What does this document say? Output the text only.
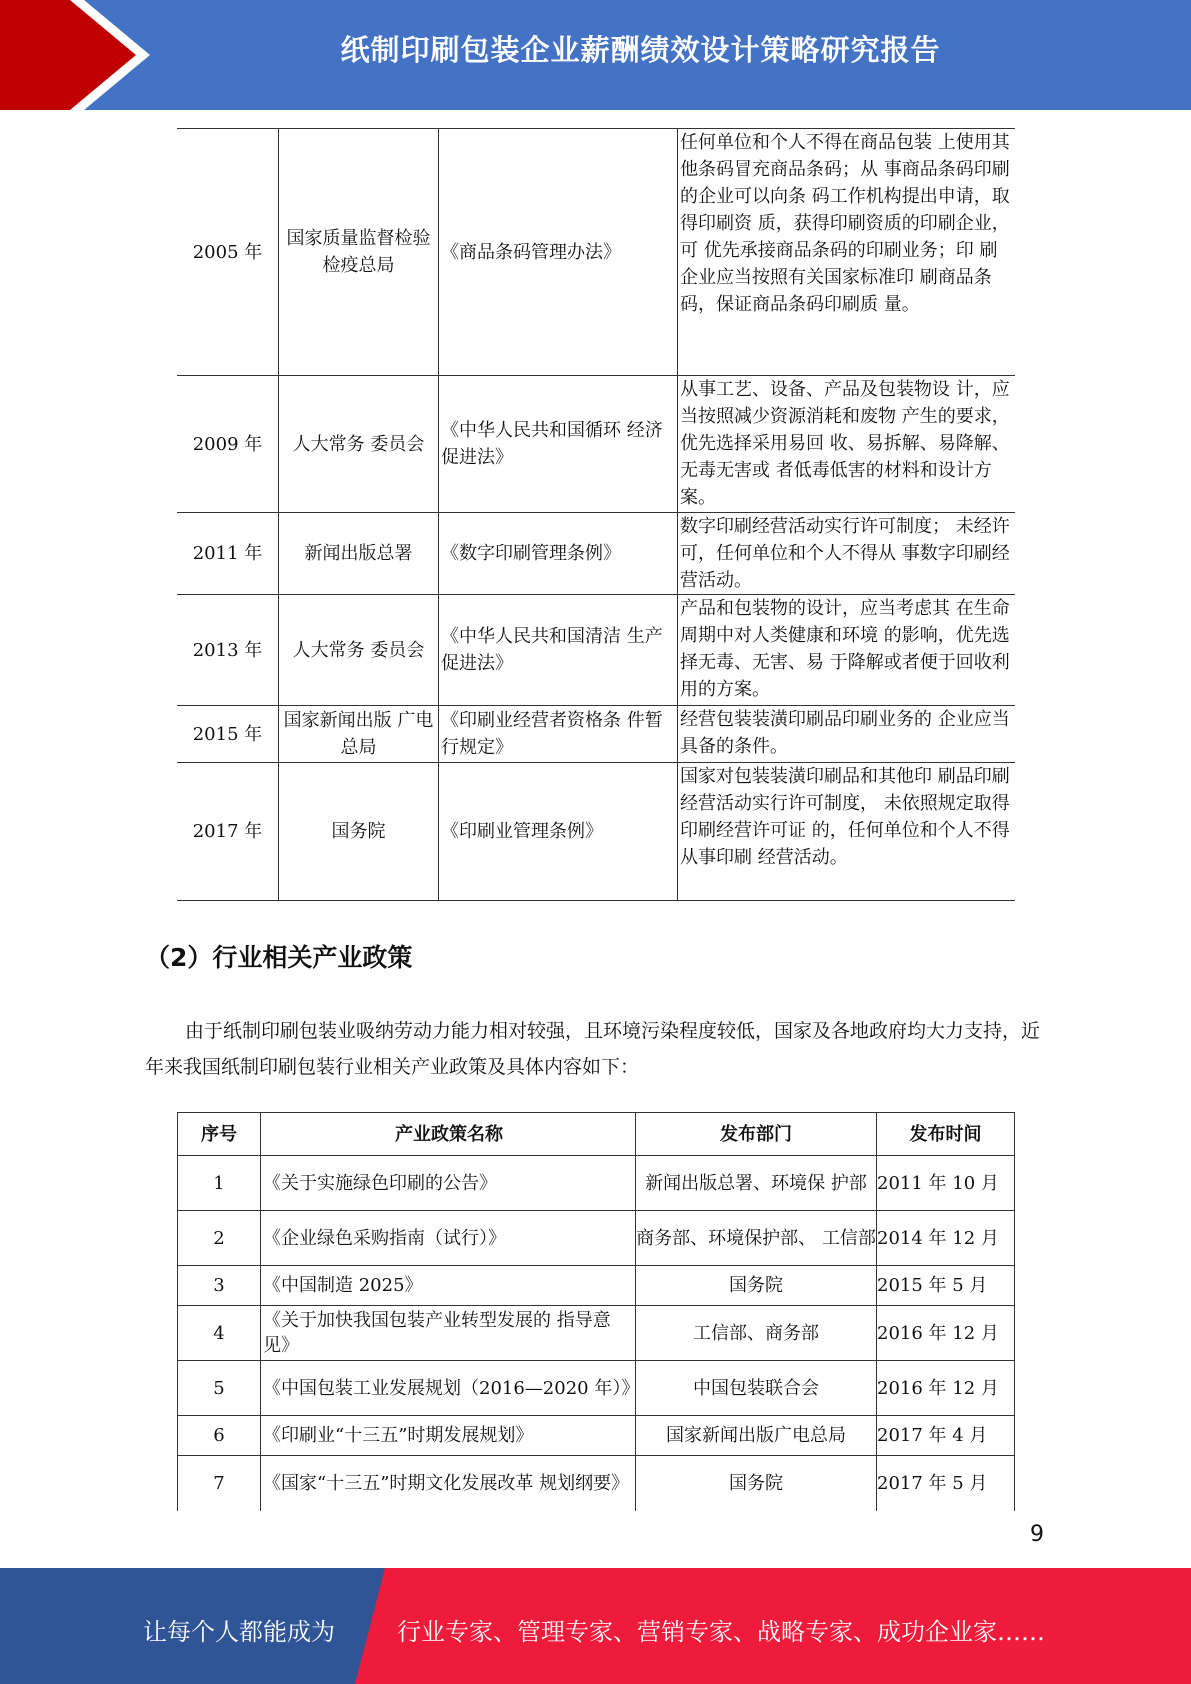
纸制印刷包装企业薪酬绩效设计策略研究报告
2005 年	国家质量监督检验检疫总局	《商品条码管理办法》	任何单位和个人不得在商品包装 上使用其他条码冒充商品条码；从 事商品条码印刷的企业可以向条 码工作机构提出申请，取得印刷资 质，获得印刷资质的印刷企业，可 优先承接商品条码的印刷业务；印 刷企业应当按照有关国家标准印 刷商品条码，保证商品条码印刷质 量。
2009 年	人大常务 委员会	《中华人民共和国循环 经济促进法》	从事工艺、设备、产品及包装物设 计，应当按照减少资源消耗和废物 产生的要求，优先选择采用易回 收、易拆解、易降解、无毒无害或 者低毒低害的材料和设计方案。
2011 年	新闻出版总署	《数字印刷管理条例》	数字印刷经营活动实行许可制度； 未经许可，任何单位和个人不得从 事数字印刷经营活动。
2013 年	人大常务 委员会	《中华人民共和国清洁 生产促进法》	产品和包装物的设计，应当考虑其 在生命周期中对人类健康和环境 的影响，优先选择无毒、无害、易 于降解或者便于回收利用的方案。
2015 年	国家新闻出版 广电总局	《印刷业经营者资格条 件暂行规定》	经营包装装潢印刷品印刷业务的 企业应当具备的条件。
2017 年	国务院	《印刷业管理条例》	国家对包装装潢印刷品和其他印 刷品印刷经营活动实行许可制度， 未依照规定取得印刷经营许可证 的，任何单位和个人不得从事印刷 经营活动。
（2）行业相关产业政策
由于纸制印刷包装业吸纳劳动力能力相对较强，且环境污染程度较低，国家及各地政府均大力支持，近年来我国纸制印刷包装行业相关产业政策及具体内容如下：
序号	产业政策名称	发布部门	发布时间
1	《关于实施绿色印刷的公告》	新闻出版总署、环境保 护部	2011 年 10 月
2	《企业绿色采购指南（试行）》	商务部、环境保护部、 工信部	2014 年 12 月
3	《中国制造 2025》	国务院	2015 年 5 月
4	《关于加快我国包装产业转型发展的 指导意见》	工信部、商务部	2016 年 12 月
5	《中国包装工业发展规划（2016—2020 年）》	中国包装联合会	2016 年 12 月
6	《印刷业“十三五”时期发展规划》	国家新闻出版广电总局	2017 年 4 月
7	《国家“十三五”时期文化发展改革 规划纲要》	国务院	2017 年 5 月
9
让每个人都能成为	行业专家、管理专家、营销专家、战略专家、成功企业家……
